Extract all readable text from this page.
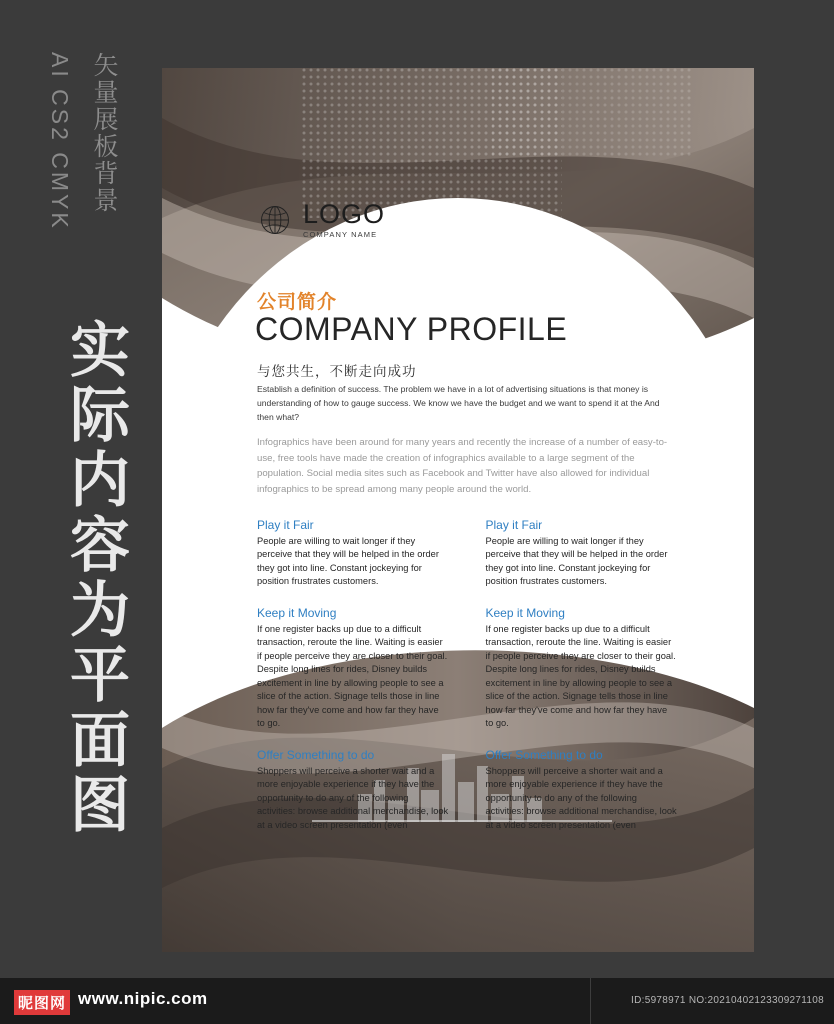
矢量展板背景
AI CS2 CMYK
实际内容为平面图
LOGO
COMPANY NAME
公司简介
COMPANY PROFILE
与您共生，不断走向成功
Establish a definition of success. The problem we have in a lot of advertising situations is that money is understanding of how to gauge success. We know we have the budget and we want to spend it at the And then what?
Infographics have been around for many years and recently the increase of a number of easy-to-use, free tools have made the creation of infographics available to a large segment of the population. Social media sites such as Facebook and Twitter have also allowed for individual infographics to be spread among many people around the world.
Play it Fair
People are willing to wait longer if they perceive that they will be helped in the order they got into line. Constant jockeying for position frustrates customers.
Keep it Moving
If one register backs up due to a difficult transaction, reroute the line. Waiting is easier if people perceive they are closer to their goal. Despite long lines for rides, Disney builds excitement in line by allowing people to see a slice of the action. Signage tells those in line how far they've come and how far they have to go.
Offer Something to do
Shoppers will perceive a shorter wait and a more enjoyable experience if they have the opportunity to do any of the following activities: browse additional merchandise, look at a video screen presentation (even
Play it Fair
People are willing to wait longer if they perceive that they will be helped in the order they got into line. Constant jockeying for position frustrates customers.
Keep it Moving
If one register backs up due to a difficult transaction, reroute the line. Waiting is easier if people perceive they are closer to their goal. Despite long lines for rides, Disney builds excitement in line by allowing people to see a slice of the action. Signage tells those in line how far they've come and how far they have to go.
Offer Something to do
Shoppers will perceive a shorter wait and a more enjoyable experience if they have the opportunity to do any of the following activities: browse additional merchandise, look at a video screen presentation (even
昵图网 www.nipic.com	ID:5978971 NO:20210402123309271108
